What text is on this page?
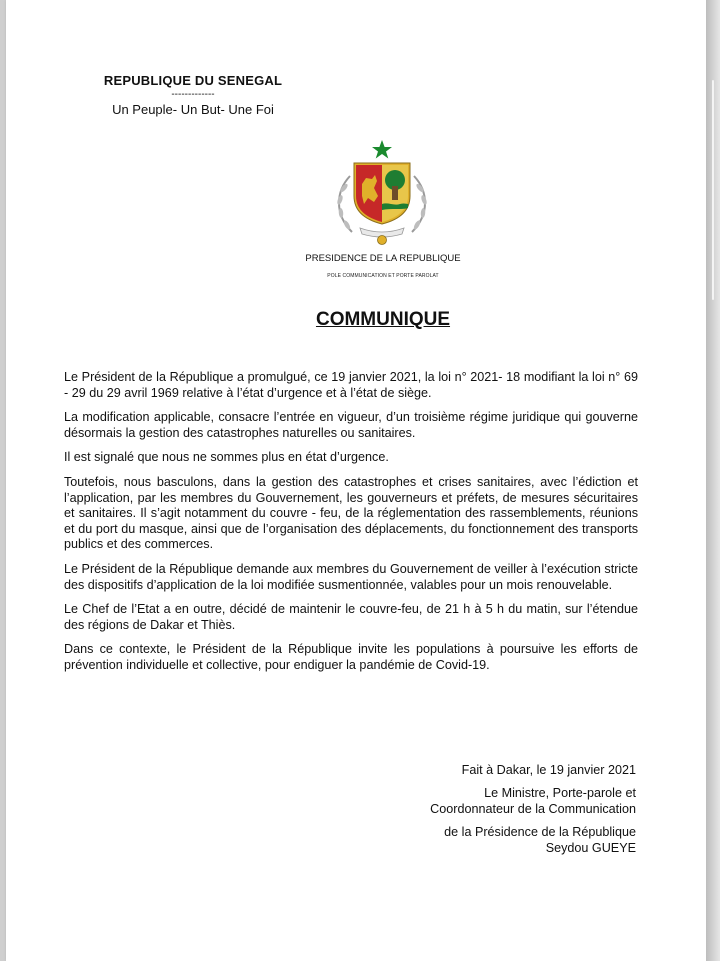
REPUBLIQUE DU SENEGAL
-------------
Un Peuple- Un But- Une Foi
PRESIDENCE DE LA REPUBLIQUE
POLE COMMUNICATION ET PORTE PAROLAT
COMMUNIQUE

Le Président de la République a promulgué, ce 19 janvier 2021, la loi n° 2021- 18 modifiant la loi n° 69 - 29 du 29 avril 1969 relative à l’état d’urgence et à l’état de siège.

La modification applicable, consacre l’entrée en vigueur, d’un troisième régime juridique qui gouverne désormais la gestion des catastrophes naturelles ou sanitaires.

Il est signalé que nous ne sommes plus en état d’urgence.

Toutefois, nous basculons, dans la gestion des catastrophes et crises sanitaires, avec l’édiction et l’application, par les membres du Gouvernement, les gouverneurs et préfets, de mesures sécuritaires et sanitaires. Il s’agit notamment du couvre - feu, de la réglementation des rassemblements, réunions et du port du masque, ainsi que de l’organisation des déplacements, du fonctionnement des transports publics et des commerces.

Le Président de la République demande aux membres du Gouvernement de veiller à l’exécution stricte des dispositifs d’application de la loi modifiée susmentionnée, valables pour un mois renouvelable.

Le Chef de l’Etat a en outre, décidé de maintenir le couvre-feu, de 21 h à 5 h du matin, sur l’étendue des régions de Dakar et Thiès.

Dans ce contexte, le Président de la République invite les populations à poursuive les efforts de prévention individuelle et collective, pour endiguer la pandémie de Covid-19.

Fait à Dakar, le 19 janvier 2021
Le Ministre, Porte-parole et
Coordonnateur de la Communication
de la Présidence de la République
Seydou GUEYE
